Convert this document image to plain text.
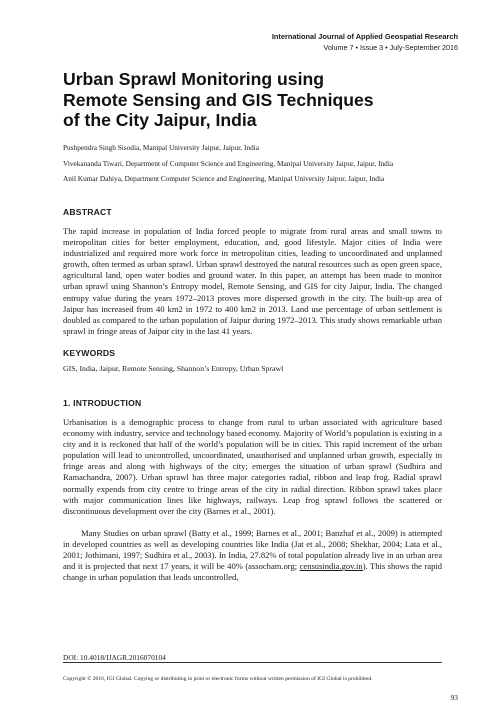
International Journal of Applied Geospatial Research
Volume 7 • Issue 3 • July-September 2016
Urban Sprawl Monitoring using
Remote Sensing and GIS Techniques
of the City Jaipur, India
Pushpendra Singh Sisodia, Manipal University Jaipur, Jaipur, India
Vivekananda Tiwari, Department of Computer Science and Engineering, Manipal University Jaipur, Jaipur, India
Anil Kumar Dahiya, Department Computer Science and Engineering, Manipal University Jaipur, Jaipur, India
ABSTRACT

The rapid increase in population of India forced people to migrate from rural areas and small towns to metropolitan cities for better employment, education, and, good lifestyle. Major cities of India were industrialized and required more work force in metropolitan cities, leading to uncoordinated and unplanned growth, often termed as urban sprawl. Urban sprawl destroyed the natural resources such as open green space, agricultural land, open water bodies and ground water. In this paper, an attempt has been made to monitor urban sprawl using Shannon’s Entropy model, Remote Sensing, and GIS for city Jaipur, India. The changed entropy value during the years 1972–2013 proves more dispersed growth in the city. The built-up area of Jaipur has increased from 40 km2 in 1972 to 400 km2 in 2013. Land use percentage of urban settlement is doubled as compared to the urban population of Jaipur during 1972–2013. This study shows remarkable urban sprawl in fringe areas of Jaipur city in the last 41 years.

KEYWORDS
GIS, India, Jaipur, Remote Sensing, Shannon’s Entropy, Urban Sprawl
1. INTRODUCTION

Urbanisation is a demographic process to change from rural to urban associated with agriculture based economy with industry, service and technology based economy. Majority of World’s population is existing in a city and it is reckoned that half of the world’s population will be in cities. This rapid increment of the urban population will lead to uncontrolled, uncoordinated, unauthorised and unplanned urban growth, especially in fringe areas and along with highways of the city; emerges the situation of urban sprawl (Sudhira and Ramachandra, 2007). Urban sprawl has three major categories radial, ribbon and leap frog. Radial sprawl normally expends from city centre to fringe areas of the city in radial direction. Ribbon sprawl takes place with major communication lines like highways, railways. Leap frog sprawl follows the scattered or discontinuous development over the city (Barnes et al., 2001).

Many Studies on urban sprawl (Batty et al., 1999; Barnes et al., 2001; Banzhaf et al., 2009) is attempted in developed countries as well as developing countries like India (Jat et al., 2008; Shekhar, 2004; Lata et al., 2001; Jothimani, 1997; Sudhira et al., 2003). In India, 27.82% of total population already live in an urban area and it is projected that next 17 years, it will be 40% (assocham.org; censusindia.gov.in). This shows the rapid change in urban population that leads uncontrolled,

DOI: 10.4018/IJAGR.2016070104
Copyright © 2016, IGI Global. Copying or distributing in print or electronic forms without written permission of IGI Global is prohibited.
93
